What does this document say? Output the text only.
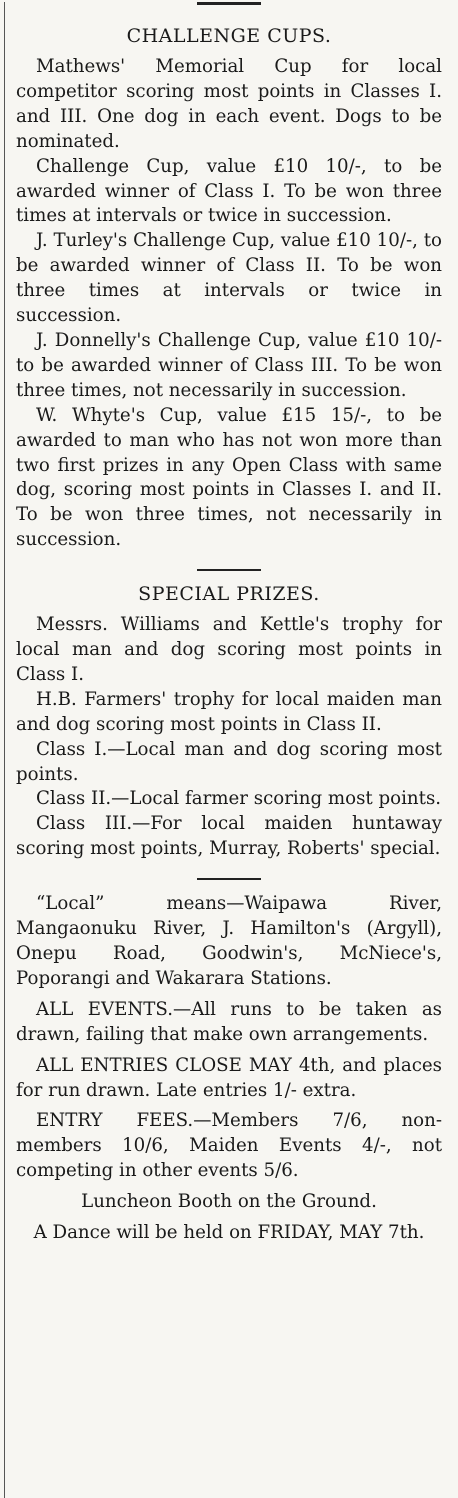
CHALLENGE CUPS.

Mathews' Memorial Cup for local competitor scoring most points in Classes I. and III. One dog in each event. Dogs to be nominated.

Challenge Cup, value £10 10/-, to be awarded winner of Class I. To be won three times at intervals or twice in succession.

J. Turley's Challenge Cup, value £10 10/-, to be awarded winner of Class II. To be won three times at intervals or twice in succession.

J. Donnelly's Challenge Cup, value £10 10/- to be awarded winner of Class III. To be won three times, not necessarily in succession.

W. Whyte's Cup, value £15 15/-, to be awarded to man who has not won more than two first prizes in any Open Class with same dog, scoring most points in Classes I. and II. To be won three times, not necessarily in succession.

SPECIAL PRIZES.

Messrs. Williams and Kettle's trophy for local man and dog scoring most points in Class I.

H.B. Farmers' trophy for local maiden man and dog scoring most points in Class II.

Class I.—Local man and dog scoring most points.

Class II.—Local farmer scoring most points.

Class III.—For local maiden huntaway scoring most points, Murray, Roberts' special.

“Local” means—Waipawa River, Mangaonuku River, J. Hamilton's (Argyll), Onepu Road, Goodwin's, McNiece's, Poporangi and Wakarara Stations.

ALL EVENTS.—All runs to be taken as drawn, failing that make own arrangements.

ALL ENTRIES CLOSE MAY 4th, and places for run drawn. Late entries 1/- extra.

ENTRY FEES.—Members 7/6, non-members 10/6, Maiden Events 4/-, not competing in other events 5/6.

Luncheon Booth on the Ground.

A Dance will be held on FRIDAY, MAY 7th.
